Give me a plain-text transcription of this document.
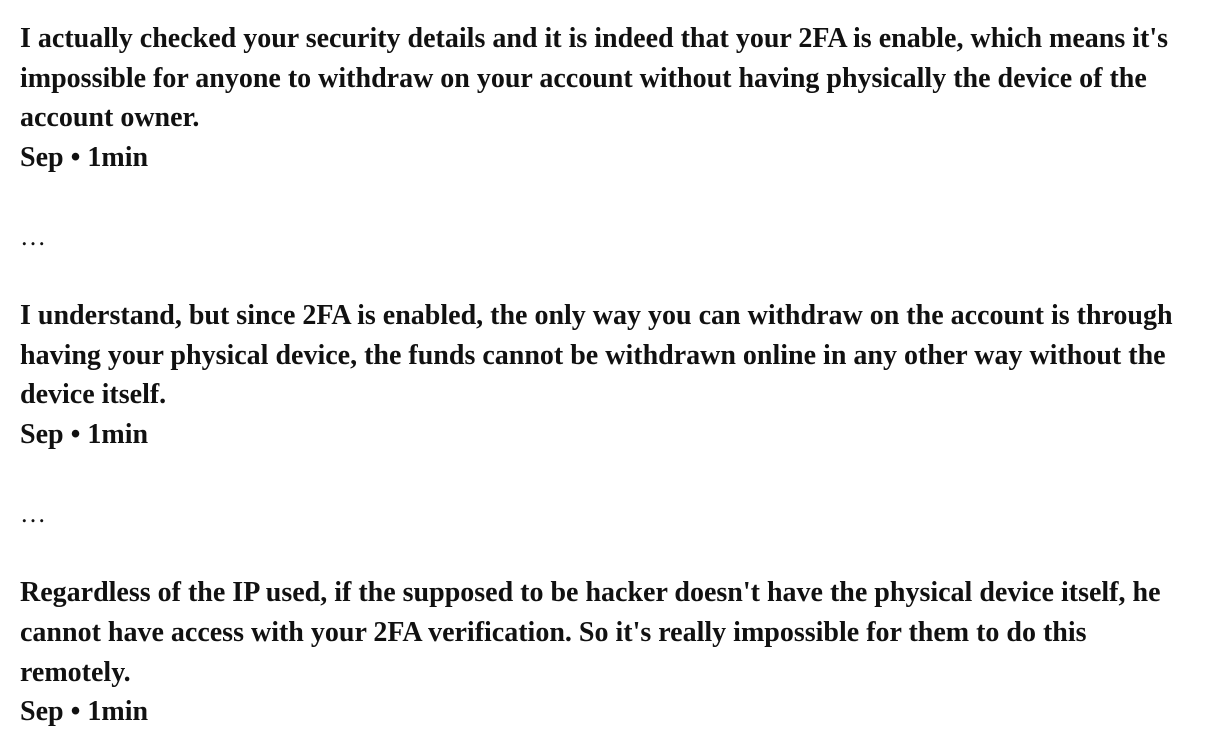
I actually checked your security details and it is indeed that your 2FA is enable, which means it's impossible for anyone to withdraw on your account without having physically the device of the account owner.

Sep • 1min

…

I understand, but since 2FA is enabled, the only way you can withdraw on the account is through having your physical device, the funds cannot be withdrawn online in any other way without the device itself.

Sep • 1min

…

Regardless of the IP used, if the supposed to be hacker doesn't have the physical device itself, he cannot have access with your 2FA verification. So it's really impossible for them to do this remotely.

Sep • 1min
